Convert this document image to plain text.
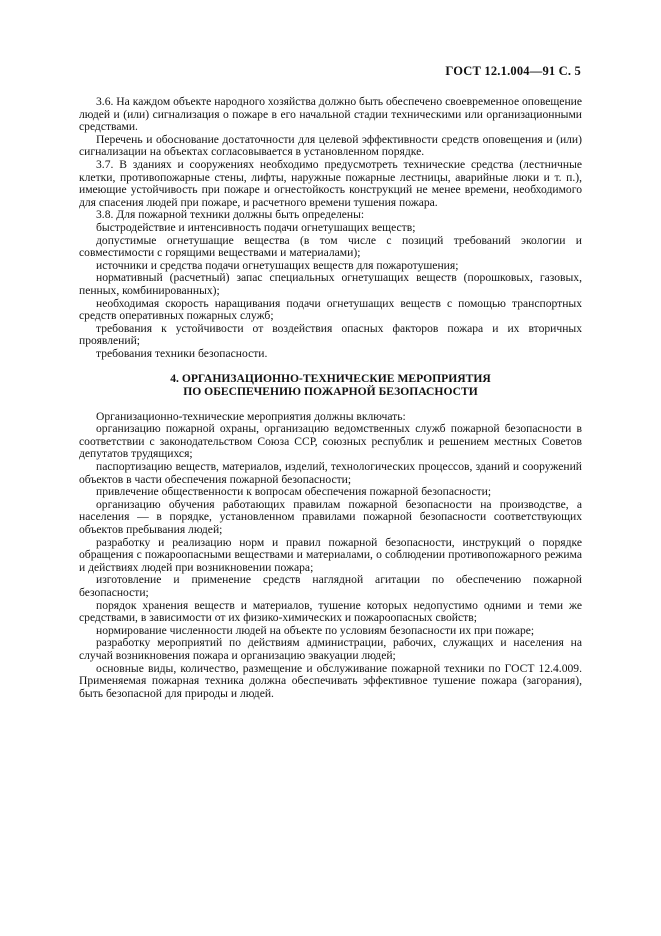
ГОСТ 12.1.004—91 С. 5

3.6. На каждом объекте народного хозяйства должно быть обеспечено своевременное оповещение людей и (или) сигнализация о пожаре в его начальной стадии техническими или организационными средствами.

Перечень и обоснование достаточности для целевой эффективности средств оповещения и (или) сигнализации на объектах согласовывается в установленном порядке.

3.7. В зданиях и сооружениях необходимо предусмотреть технические средства (лестничные клетки, противопожарные стены, лифты, наружные пожарные лестницы, аварийные люки и т. п.), имеющие устойчивость при пожаре и огнестойкость конструкций не менее времени, необходимого для спасения людей при пожаре, и расчетного времени тушения пожара.

3.8. Для пожарной техники должны быть определены:

быстродействие и интенсивность подачи огнетушащих веществ;

допустимые огнетушащие вещества (в том числе с позиций требований экологии и совместимости с горящими веществами и материалами);

источники и средства подачи огнетушащих веществ для пожаротушения;

нормативный (расчетный) запас специальных огнетушащих веществ (порошковых, газовых, пенных, комбинированных);

необходимая скорость наращивания подачи огнетушащих веществ с помощью транспортных средств оперативных пожарных служб;

требования к устойчивости от воздействия опасных факторов пожара и их вторичных проявлений;

требования техники безопасности.

4. ОРГАНИЗАЦИОННО-ТЕХНИЧЕСКИЕ МЕРОПРИЯТИЯ
ПО ОБЕСПЕЧЕНИЮ ПОЖАРНОЙ БЕЗОПАСНОСТИ

Организационно-технические мероприятия должны включать:

организацию пожарной охраны, организацию ведомственных служб пожарной безопасности в соответствии с законодательством Союза ССР, союзных республик и решением местных Советов депутатов трудящихся;

паспортизацию веществ, материалов, изделий, технологических процессов, зданий и сооружений объектов в части обеспечения пожарной безопасности;

привлечение общественности к вопросам обеспечения пожарной безопасности;

организацию обучения работающих правилам пожарной безопасности на производстве, а населения — в порядке, установленном правилами пожарной безопасности соответствующих объектов пребывания людей;

разработку и реализацию норм и правил пожарной безопасности, инструкций о порядке обращения с пожароопасными веществами и материалами, о соблюдении противопожарного режима и действиях людей при возникновении пожара;

изготовление и применение средств наглядной агитации по обеспечению пожарной безопасности;

порядок хранения веществ и материалов, тушение которых недопустимо одними и теми же средствами, в зависимости от их физико-химических и пожароопасных свойств;

нормирование численности людей на объекте по условиям безопасности их при пожаре;

разработку мероприятий по действиям администрации, рабочих, служащих и населения на случай возникновения пожара и организацию эвакуации людей;

основные виды, количество, размещение и обслуживание пожарной техники по ГОСТ 12.4.009. Применяемая пожарная техника должна обеспечивать эффективное тушение пожара (загорания), быть безопасной для природы и людей.
